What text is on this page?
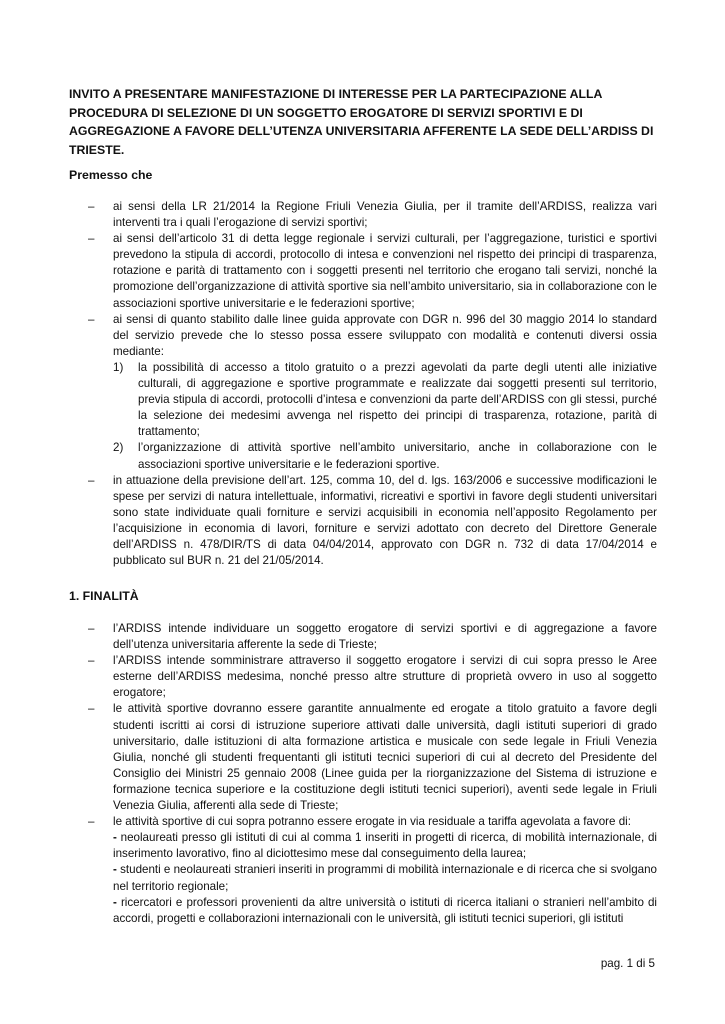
INVITO A PRESENTARE MANIFESTAZIONE DI INTERESSE PER LA PARTECIPAZIONE ALLA PROCEDURA DI SELEZIONE DI UN SOGGETTO EROGATORE DI SERVIZI SPORTIVI E DI AGGREGAZIONE A FAVORE DELL’UTENZA UNIVERSITARIA AFFERENTE LA SEDE DELL’ARDISS DI TRIESTE.
Premesso che
– ai sensi della LR 21/2014 la Regione Friuli Venezia Giulia, per il tramite dell’ARDISS, realizza vari interventi tra i quali l’erogazione di servizi sportivi;
– ai sensi dell’articolo 31 di detta legge regionale i servizi culturali, per l’aggregazione, turistici e sportivi prevedono la stipula di accordi, protocollo di intesa e convenzioni nel rispetto dei principi di trasparenza, rotazione e parità di trattamento con i soggetti presenti nel territorio che erogano tali servizi, nonché la promozione dell’organizzazione di attività sportive sia nell’ambito universitario, sia in collaborazione con le associazioni sportive universitarie e le federazioni sportive;
– ai sensi di quanto stabilito dalle linee guida approvate con DGR n. 996 del 30 maggio 2014 lo standard del servizio prevede che lo stesso possa essere sviluppato con modalità e contenuti diversi ossia mediante:
1) la possibilità di accesso a titolo gratuito o a prezzi agevolati da parte degli utenti alle iniziative culturali, di aggregazione e sportive programmate e realizzate dai soggetti presenti sul territorio, previa stipula di accordi, protocolli d’intesa e convenzioni da parte dell’ARDISS con gli stessi, purché la selezione dei medesimi avvenga nel rispetto dei principi di trasparenza, rotazione, parità di trattamento;
2) l’organizzazione di attività sportive nell’ambito universitario, anche in collaborazione con le associazioni sportive universitarie e le federazioni sportive.
– in attuazione della previsione dell’art. 125, comma 10, del d. lgs. 163/2006 e successive modificazioni le spese per servizi di natura intellettuale, informativi, ricreativi e sportivi in favore degli studenti universitari sono state individuate quali forniture e servizi acquisibili in economia nell’apposito Regolamento per l’acquisizione in economia di lavori, forniture e servizi adottato con decreto del Direttore Generale dell’ARDISS n. 478/DIR/TS di data 04/04/2014, approvato con DGR n. 732 di data 17/04/2014 e pubblicato sul BUR n. 21 del 21/05/2014.
1. FINALITÀ
– l’ARDISS intende individuare un soggetto erogatore di servizi sportivi e di aggregazione a favore dell’utenza universitaria afferente la sede di Trieste;
– l’ARDISS intende somministrare attraverso il soggetto erogatore i servizi di cui sopra presso le Aree esterne dell’ARDISS medesima, nonché presso altre strutture di proprietà ovvero in uso al soggetto erogatore;
– le attività sportive dovranno essere garantite annualmente ed erogate a titolo gratuito a favore degli studenti iscritti ai corsi di istruzione superiore attivati dalle università, dagli istituti superiori di grado universitario, dalle istituzioni di alta formazione artistica e musicale con sede legale in Friuli Venezia Giulia, nonché gli studenti frequentanti gli istituti tecnici superiori di cui al decreto del Presidente del Consiglio dei Ministri 25 gennaio 2008 (Linee guida per la riorganizzazione del Sistema di istruzione e formazione tecnica superiore e la costituzione degli istituti tecnici superiori), aventi sede legale in Friuli Venezia Giulia, afferenti alla sede di Trieste;
– le attività sportive di cui sopra potranno essere erogate in via residuale a tariffa agevolata a favore di:
- neolaureati presso gli istituti di cui al comma 1 inseriti in progetti di ricerca, di mobilità internazionale, di inserimento lavorativo, fino al diciottesimo mese dal conseguimento della laurea;
- studenti e neolaureati stranieri inseriti in programmi di mobilità internazionale e di ricerca che si svolgano nel territorio regionale;
- ricercatori e professori provenienti da altre università o istituti di ricerca italiani o stranieri nell’ambito di accordi, progetti e collaborazioni internazionali con le università, gli istituti tecnici superiori, gli istituti
pag. 1 di 5
